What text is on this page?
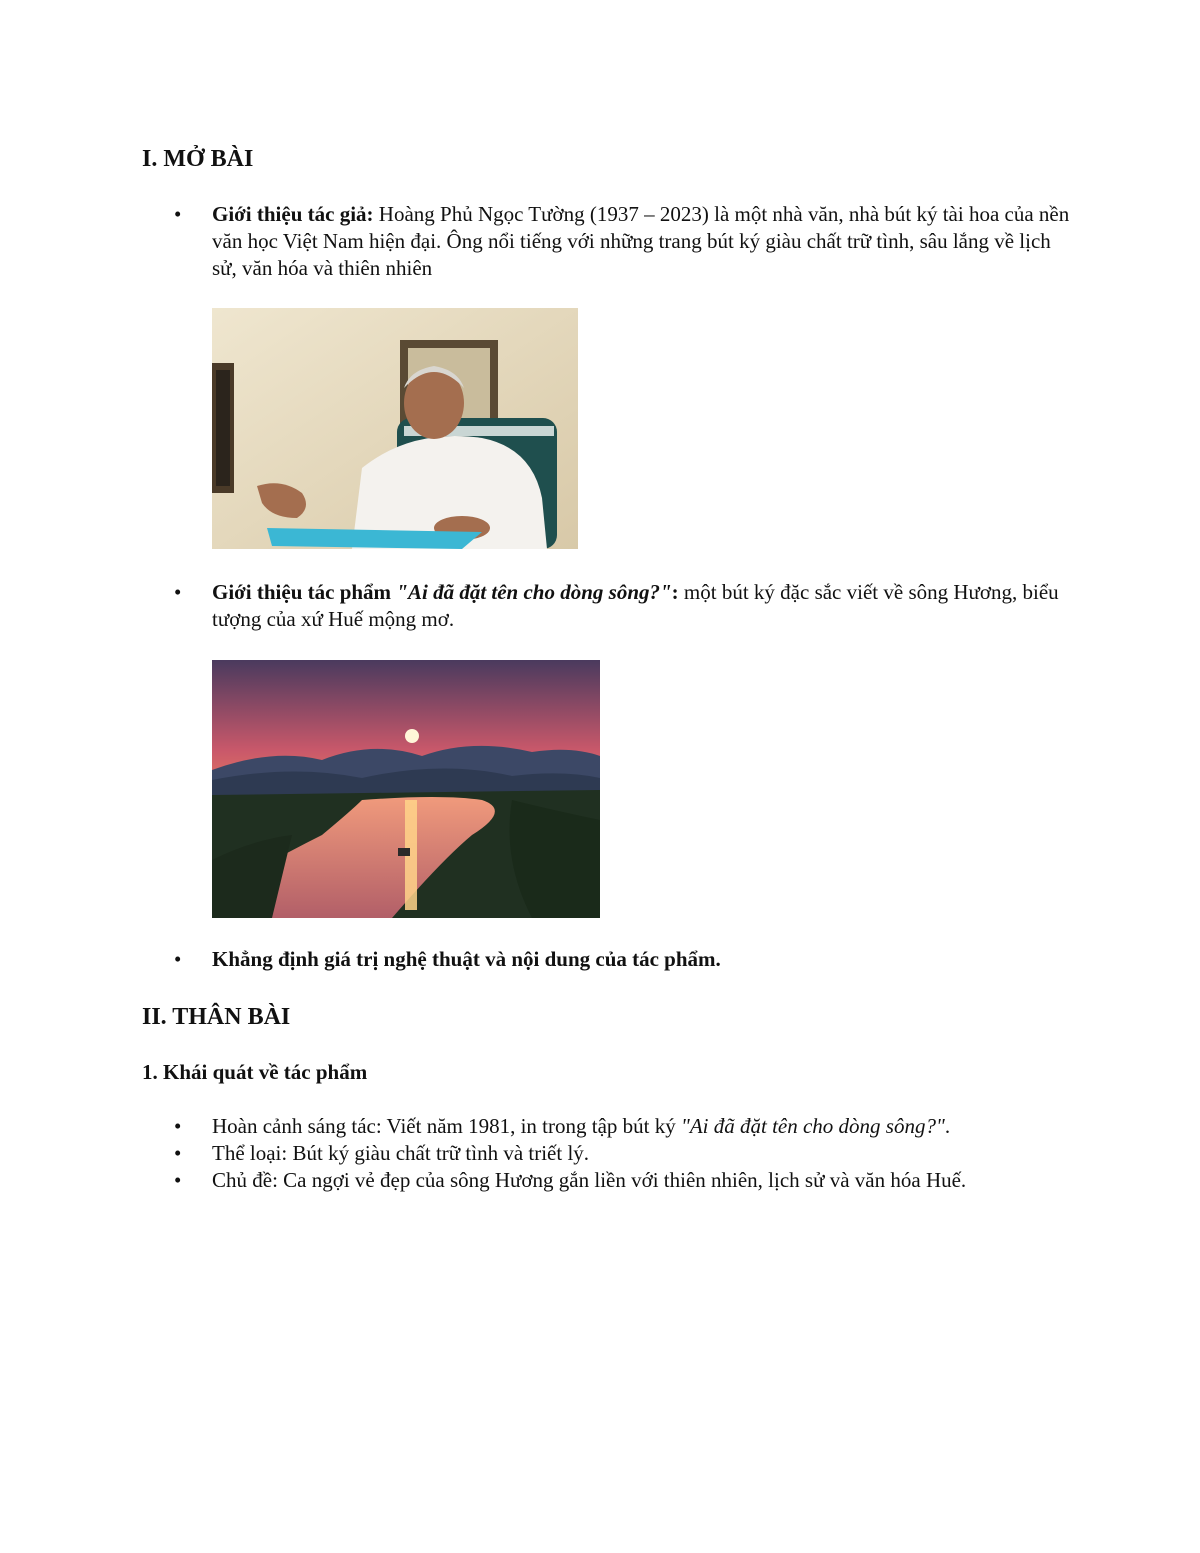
I. MỞ BÀI
• Giới thiệu tác giả: Hoàng Phủ Ngọc Tường (1937 – 2023) là một nhà văn, nhà bút ký tài hoa của nền văn học Việt Nam hiện đại. Ông nổi tiếng với những trang bút ký giàu chất trữ tình, sâu lắng về lịch sử, văn hóa và thiên nhiên
• Giới thiệu tác phẩm "Ai đã đặt tên cho dòng sông?": một bút ký đặc sắc viết về sông Hương, biểu tượng của xứ Huế mộng mơ.
• Khẳng định giá trị nghệ thuật và nội dung của tác phẩm.
II. THÂN BÀI
1. Khái quát về tác phẩm
• Hoàn cảnh sáng tác: Viết năm 1981, in trong tập bút ký "Ai đã đặt tên cho dòng sông?".
• Thể loại: Bút ký giàu chất trữ tình và triết lý.
• Chủ đề: Ca ngợi vẻ đẹp của sông Hương gắn liền với thiên nhiên, lịch sử và văn hóa Huế.
